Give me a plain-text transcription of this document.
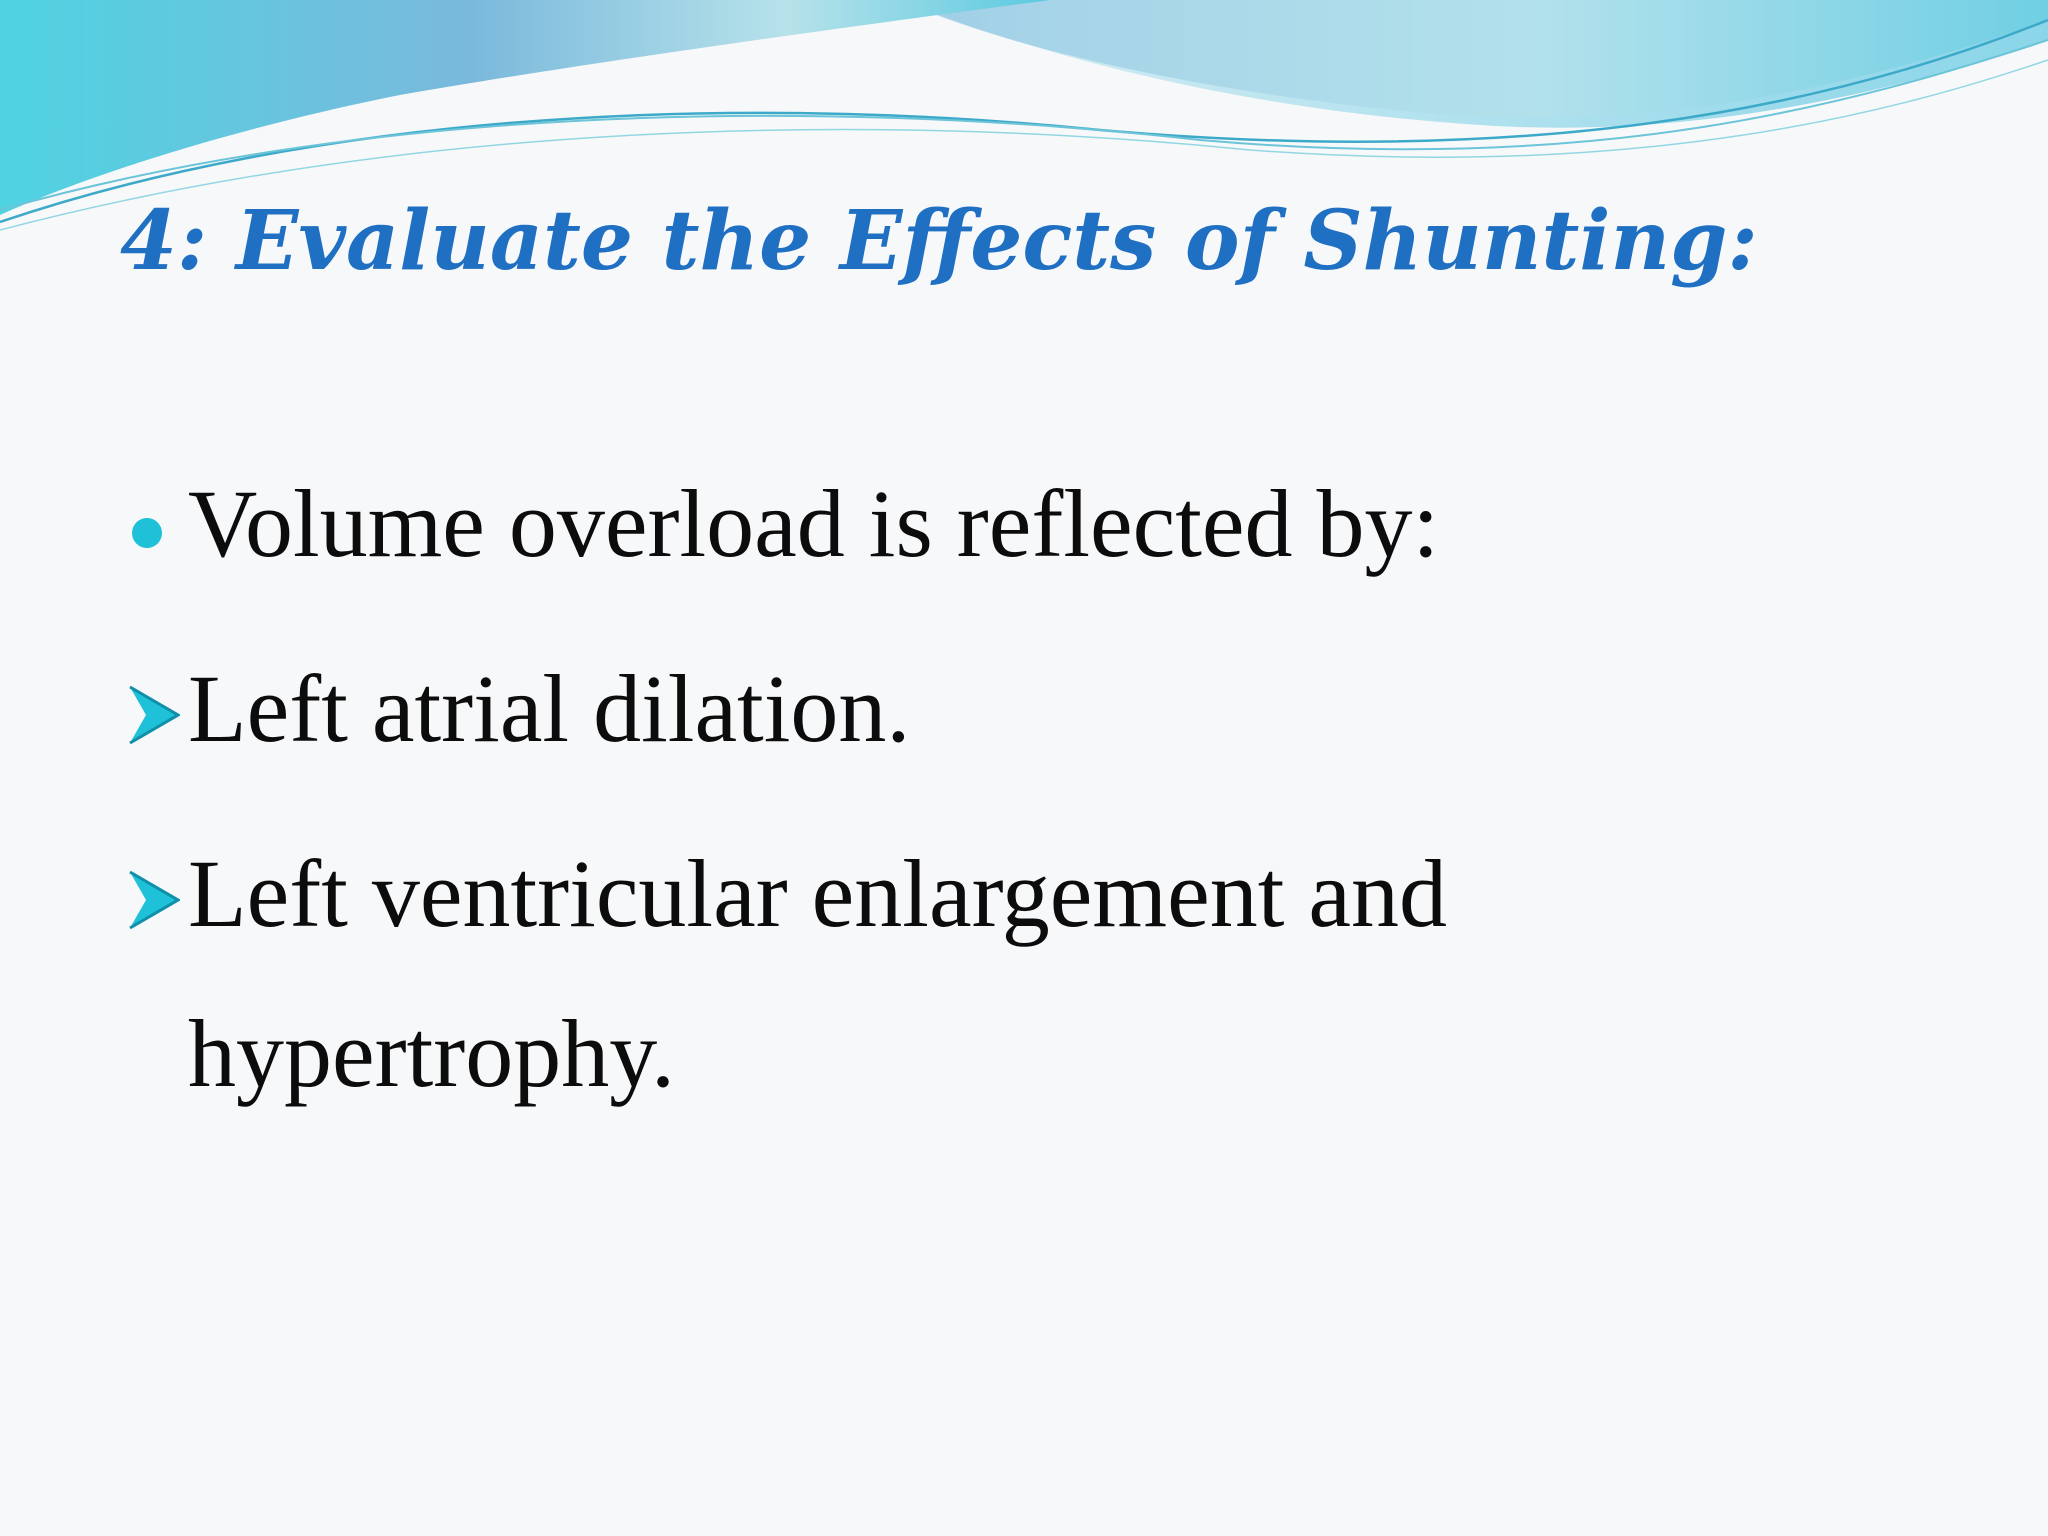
4: Evaluate the Effects of Shunting:
Volume overload is reflected by:
Left atrial dilation.
Left ventricular enlargement and
hypertrophy.
